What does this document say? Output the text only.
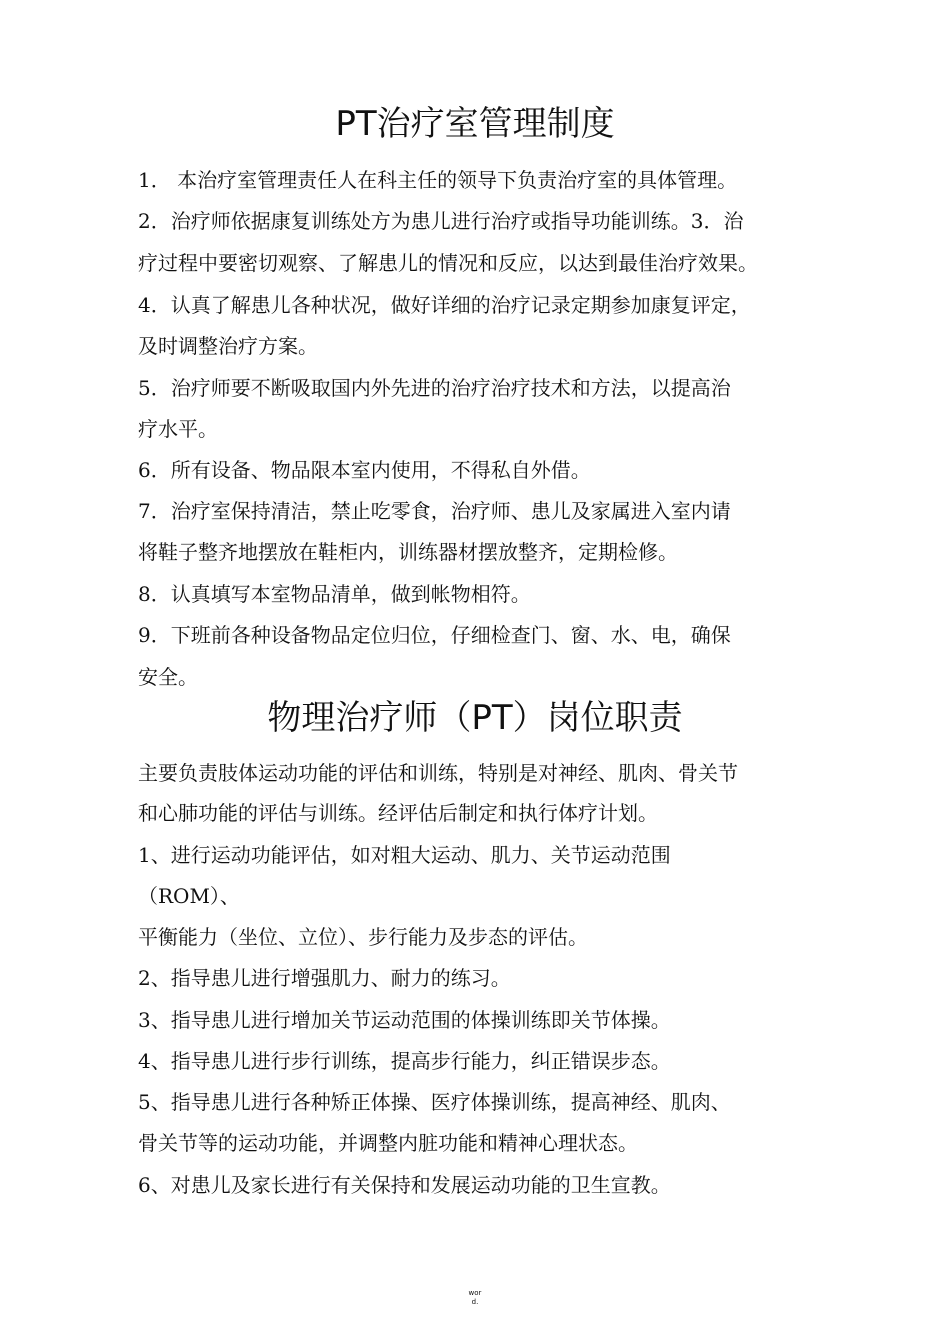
PT治疗室管理制度
1． 本治疗室管理责任人在科主任的领导下负责治疗室的具体管理。
2．治疗师依据康复训练处方为患儿进行治疗或指导功能训练。3．治
疗过程中要密切观察、了解患儿的情况和反应，以达到最佳治疗效果。
4．认真了解患儿各种状况，做好详细的治疗记录定期参加康复评定，
及时调整治疗方案。
5．治疗师要不断吸取国内外先进的治疗治疗技术和方法，以提高治
疗水平。
6．所有设备、物品限本室内使用，不得私自外借。
7．治疗室保持清洁，禁止吃零食，治疗师、患儿及家属进入室内请
将鞋子整齐地摆放在鞋柜内，训练器材摆放整齐，定期检修。
8．认真填写本室物品清单，做到帐物相符。
9．下班前各种设备物品定位归位，仔细检查门、窗、水、电，确保
安全。
物理治疗师（PT）岗位职责
主要负责肢体运动功能的评估和训练，特别是对神经、肌肉、骨关节
和心肺功能的评估与训练。经评估后制定和执行体疗计划。
1、进行运动功能评估，如对粗大运动、肌力、关节运动范围
（ROM）、
平衡能力（坐位、立位）、步行能力及步态的评估。
2、指导患儿进行增强肌力、耐力的练习。
3、指导患儿进行增加关节运动范围的体操训练即关节体操。
4、指导患儿进行步行训练，提高步行能力，纠正错误步态。
5、指导患儿进行各种矫正体操、医疗体操训练，提高神经、肌肉、
骨关节等的运动功能，并调整内脏功能和精神心理状态。
6、对患儿及家长进行有关保持和发展运动功能的卫生宣教。
wor
d.
